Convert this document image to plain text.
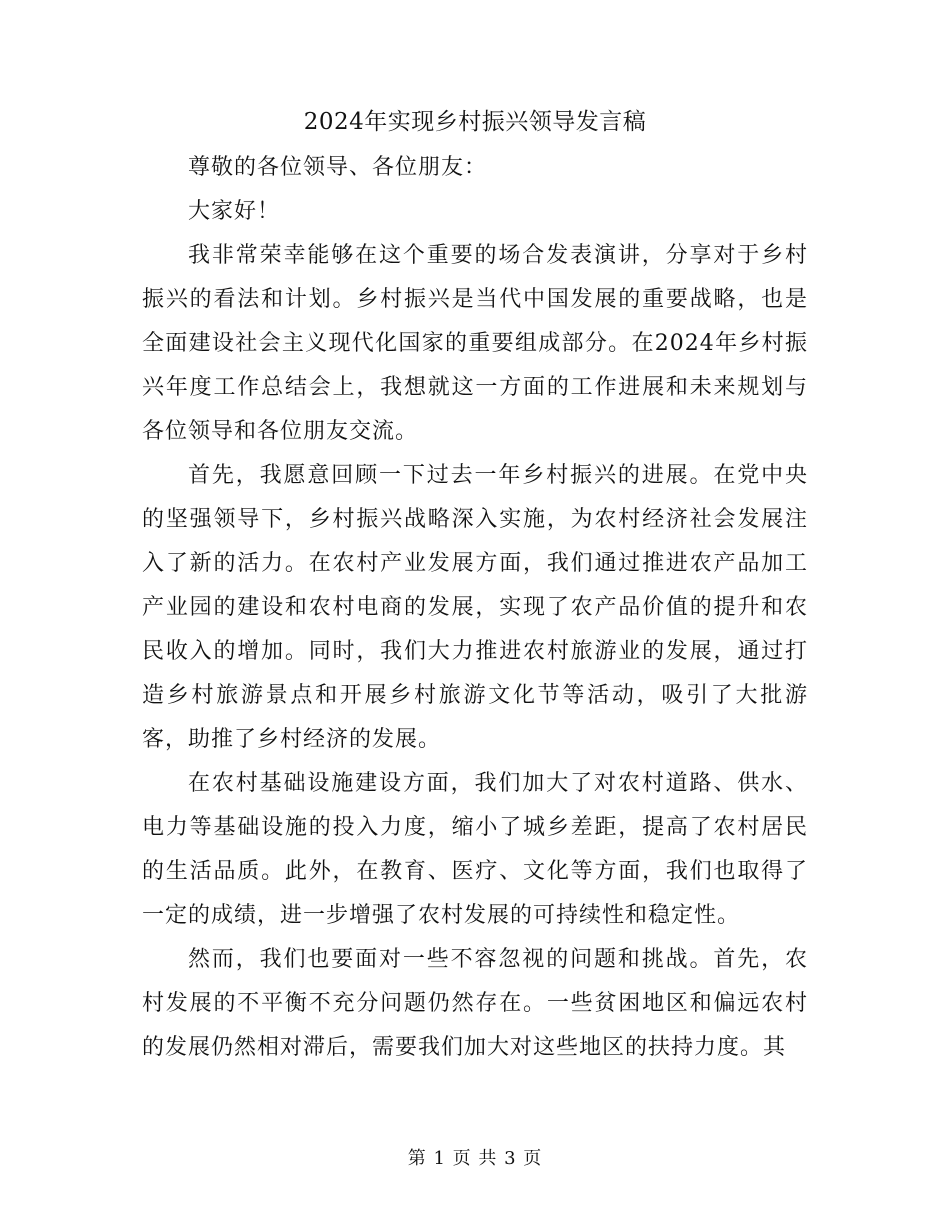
2024年实现乡村振兴领导发言稿

尊敬的各位领导、各位朋友：

大家好！

我非常荣幸能够在这个重要的场合发表演讲，分享对于乡村振兴的看法和计划。乡村振兴是当代中国发展的重要战略，也是全面建设社会主义现代化国家的重要组成部分。在2024年乡村振兴年度工作总结会上，我想就这一方面的工作进展和未来规划与各位领导和各位朋友交流。

首先，我愿意回顾一下过去一年乡村振兴的进展。在党中央的坚强领导下，乡村振兴战略深入实施，为农村经济社会发展注入了新的活力。在农村产业发展方面，我们通过推进农产品加工产业园的建设和农村电商的发展，实现了农产品价值的提升和农民收入的增加。同时，我们大力推进农村旅游业的发展，通过打造乡村旅游景点和开展乡村旅游文化节等活动，吸引了大批游客，助推了乡村经济的发展。

在农村基础设施建设方面，我们加大了对农村道路、供水、电力等基础设施的投入力度，缩小了城乡差距，提高了农村居民的生活品质。此外，在教育、医疗、文化等方面，我们也取得了一定的成绩，进一步增强了农村发展的可持续性和稳定性。

然而，我们也要面对一些不容忽视的问题和挑战。首先，农村发展的不平衡不充分问题仍然存在。一些贫困地区和偏远农村的发展仍然相对滞后，需要我们加大对这些地区的扶持力度。其

第 1 页 共 3 页
